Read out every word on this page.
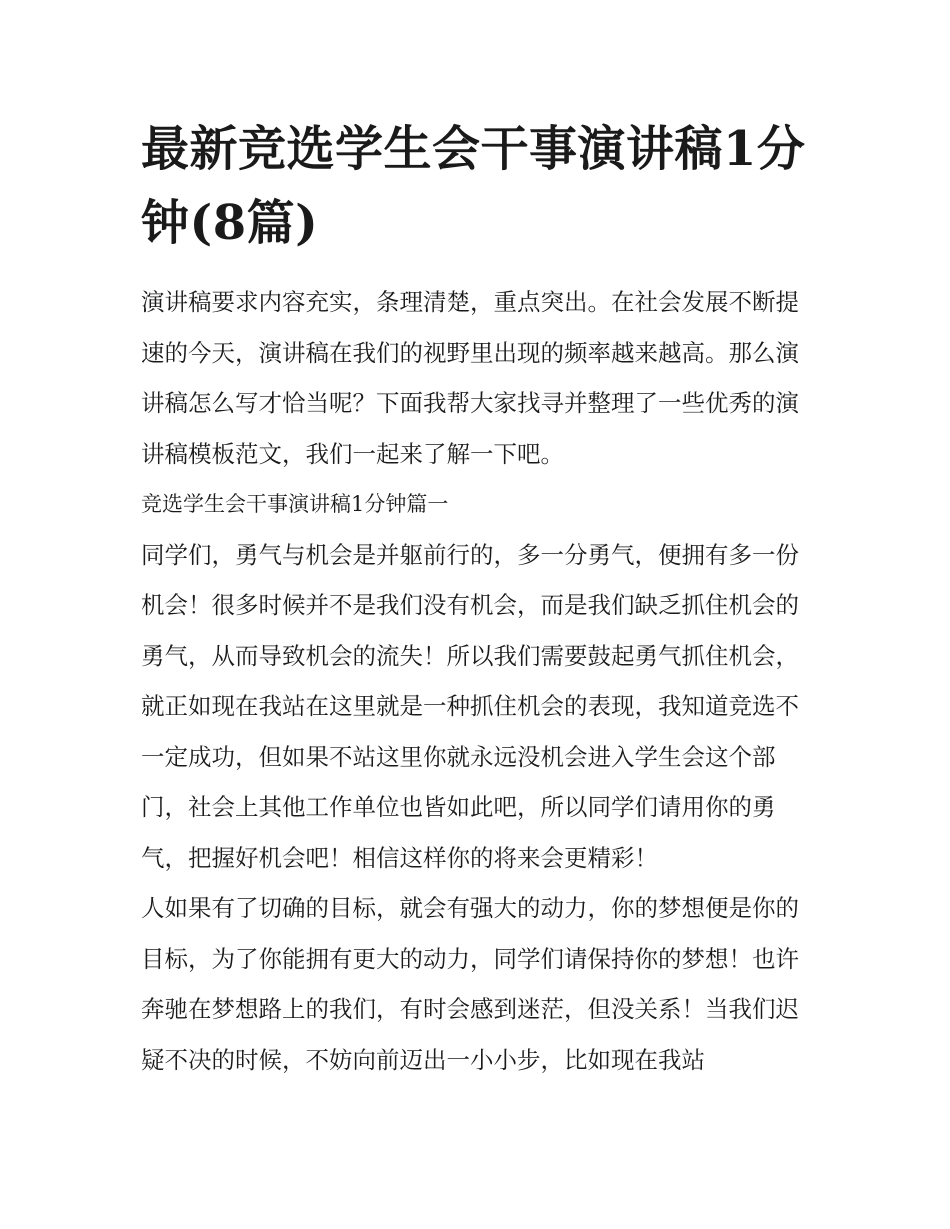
最新竞选学生会干事演讲稿1分钟(8篇)

演讲稿要求内容充实，条理清楚，重点突出。在社会发展不断提速的今天，演讲稿在我们的视野里出现的频率越来越高。那么演讲稿怎么写才恰当呢？下面我帮大家找寻并整理了一些优秀的演讲稿模板范文，我们一起来了解一下吧。

竞选学生会干事演讲稿1分钟篇一

同学们，勇气与机会是并躯前行的，多一分勇气，便拥有多一份机会！很多时候并不是我们没有机会，而是我们缺乏抓住机会的勇气，从而导致机会的流失！所以我们需要鼓起勇气抓住机会，就正如现在我站在这里就是一种抓住机会的表现，我知道竞选不一定成功，但如果不站这里你就永远没机会进入学生会这个部门，社会上其他工作单位也皆如此吧，所以同学们请用你的勇气，把握好机会吧！相信这样你的将来会更精彩！

人如果有了切确的目标，就会有强大的动力，你的梦想便是你的目标，为了你能拥有更大的动力，同学们请保持你的梦想！也许奔驰在梦想路上的我们，有时会感到迷茫，但没关系！当我们迟疑不决的时候，不妨向前迈出一小小步，比如现在我站
